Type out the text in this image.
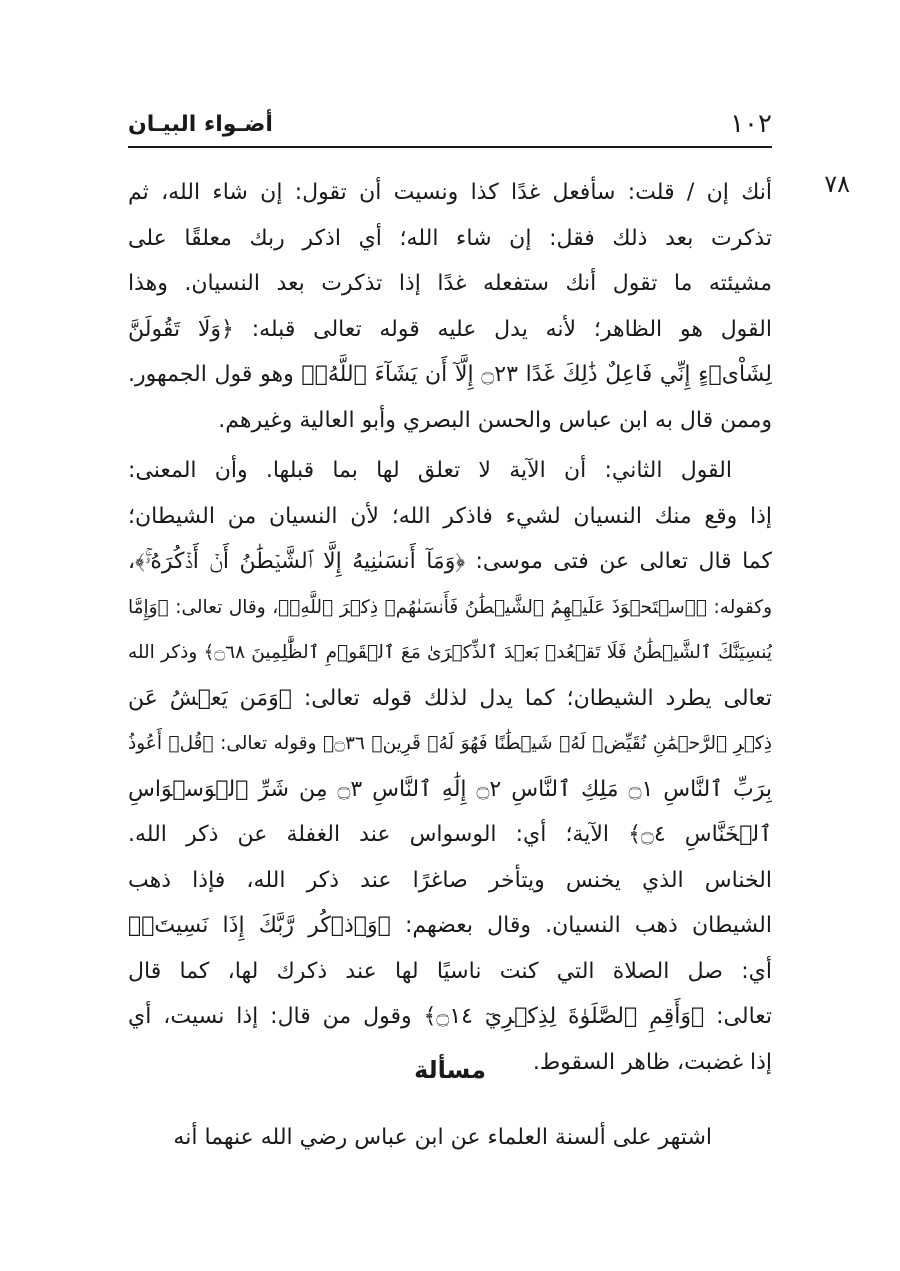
١٠٢
أضـواء البيـان
٧٨
أنك إن / قلت: سأفعل غدًا كذا ونسيت أن تقول: إن شاء الله، ثم
تذكرت بعد ذلك فقل: إن شاء الله؛ أي اذكر ربك معلقًا على
مشيئته ما تقول أنك ستفعله غدًا إذا تذكرت بعد النسيان. وهذا
القول هو الظاهر؛ لأنه يدل عليه قوله تعالى قبله: ﴿وَلَا تَقُولَنَّ
لِشَاْىۡءٍ إِنِّي فَاعِلٌ ذَٰلِكَ غَدًا ۝٢٣ إِلَّآ أَن يَشَآءَ ٱللَّهُۚ﴾ وهو قول الجمهور.
وممن قال به ابن عباس والحسن البصري وأبو العالية وغيرهم.
القول الثاني: أن الآية لا تعلق لها بما قبلها. وأن المعنى:
إذا وقع منك النسيان لشيء فاذكر الله؛ لأن النسيان من الشيطان؛
كما قال تعالى عن فتى موسى: ﴿وَمَآ أَنسَىٰنِيهُ إِلَّا ٱلشَّيۡطَٰنُ أَنۡ أَذۡكُرَهُۥۚ﴾،
وكقوله: ﴿ٱسۡتَحۡوَذَ عَلَيۡهِمُ ٱلشَّيۡطَٰنُ فَأَنسَىٰهُمۡ ذِكۡرَ ٱللَّهِۚ﴾، وقال تعالى: ﴿وَإِمَّا
يُنسِيَنَّكَ ٱلشَّيۡطَٰنُ فَلَا تَقۡعُدۡ بَعۡدَ ٱلذِّكۡرَىٰ مَعَ ٱلۡقَوۡمِ ٱلظَّٰلِمِينَ ۝٦٨﴾ وذكر الله
تعالى يطرد الشيطان؛ كما يدل لذلك قوله تعالى: ﴿وَمَن يَعۡشُ عَن
ذِكۡرِ ٱلرَّحۡمَٰنِ نُقَيِّضۡ لَهُۥ شَيۡطَٰنًا فَهُوَ لَهُۥ قَرِينٞ ۝٣٦﴾ وقوله تعالى: ﴿قُلۡ أَعُوذُ
بِرَبِّ ٱلنَّاسِ ۝١ مَلِكِ ٱلنَّاسِ ۝٢ إِلَٰهِ ٱلنَّاسِ ۝٣ مِن شَرِّ ٱلۡوَسۡوَاسِ
ٱلۡخَنَّاسِ ۝٤﴾ الآية؛ أي: الوسواس عند الغفلة عن ذكر الله.
الخناس الذي يخنس ويتأخر صاغرًا عند ذكر الله، فإذا ذهب
الشيطان ذهب النسيان. وقال بعضهم: ﴿وَٱذۡكُر رَّبَّكَ إِذَا نَسِيتَۚ﴾
أي: صل الصلاة التي كنت ناسيًا لها عند ذكرك لها، كما قال
تعالى: ﴿وَأَقِمِ ٱلصَّلَوٰةَ لِذِكۡرِيٓ ۝١٤﴾ وقول من قال: إذا نسيت، أي
إذا غضبت، ظاهر السقوط.
مسألة
اشتهر على ألسنة العلماء عن ابن عباس رضي الله عنهما أنه
